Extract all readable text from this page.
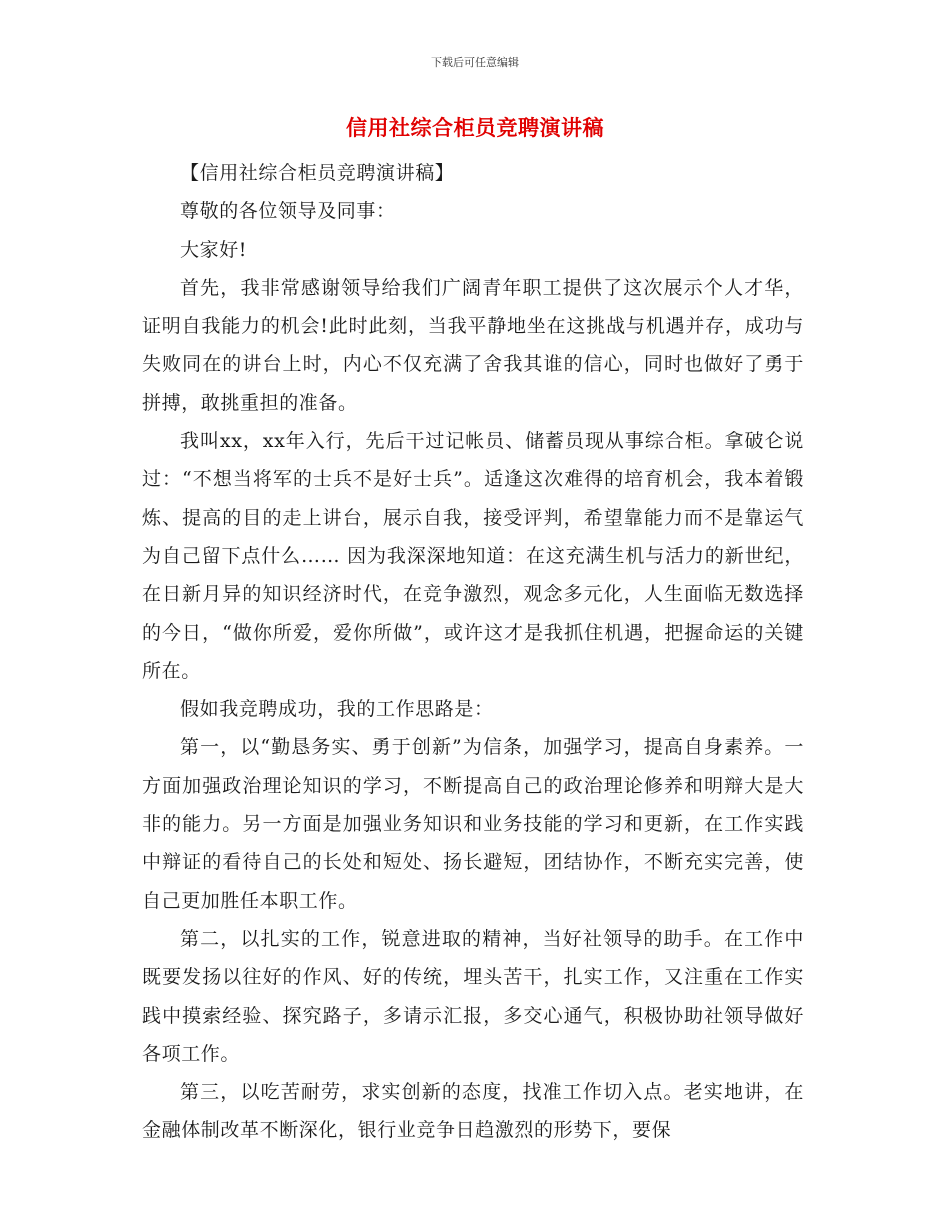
下载后可任意编辑
信用社综合柜员竞聘演讲稿

【信用社综合柜员竞聘演讲稿】

尊敬的各位领导及同事：

大家好!

首先，我非常感谢领导给我们广阔青年职工提供了这次展示个人才华，证明自我能力的机会!此时此刻，当我平静地坐在这挑战与机遇并存，成功与失败同在的讲台上时，内心不仅充满了舍我其谁的信心，同时也做好了勇于拼搏，敢挑重担的准备。

我叫xx，xx年入行，先后干过记帐员、储蓄员现从事综合柜。拿破仑说过：“不想当将军的士兵不是好士兵”。适逢这次难得的培育机会，我本着锻炼、提高的目的走上讲台，展示自我，接受评判，希望靠能力而不是靠运气为自己留下点什么…… 因为我深深地知道：在这充满生机与活力的新世纪，在日新月异的知识经济时代，在竞争激烈，观念多元化，人生面临无数选择的今日，“做你所爱，爱你所做”，或许这才是我抓住机遇，把握命运的关键所在。

假如我竞聘成功，我的工作思路是：

第一，以“勤恳务实、勇于创新”为信条，加强学习，提高自身素养。一方面加强政治理论知识的学习，不断提高自己的政治理论修养和明辩大是大非的能力。另一方面是加强业务知识和业务技能的学习和更新，在工作实践中辩证的看待自己的长处和短处、扬长避短，团结协作，不断充实完善，使自己更加胜任本职工作。

第二，以扎实的工作，锐意进取的精神，当好社领导的助手。在工作中既要发扬以往好的作风、好的传统，埋头苦干，扎实工作，又注重在工作实践中摸索经验、探究路子，多请示汇报，多交心通气，积极协助社领导做好各项工作。

第三，以吃苦耐劳，求实创新的态度，找准工作切入点。老实地讲，在金融体制改革不断深化，银行业竞争日趋激烈的形势下，要保
